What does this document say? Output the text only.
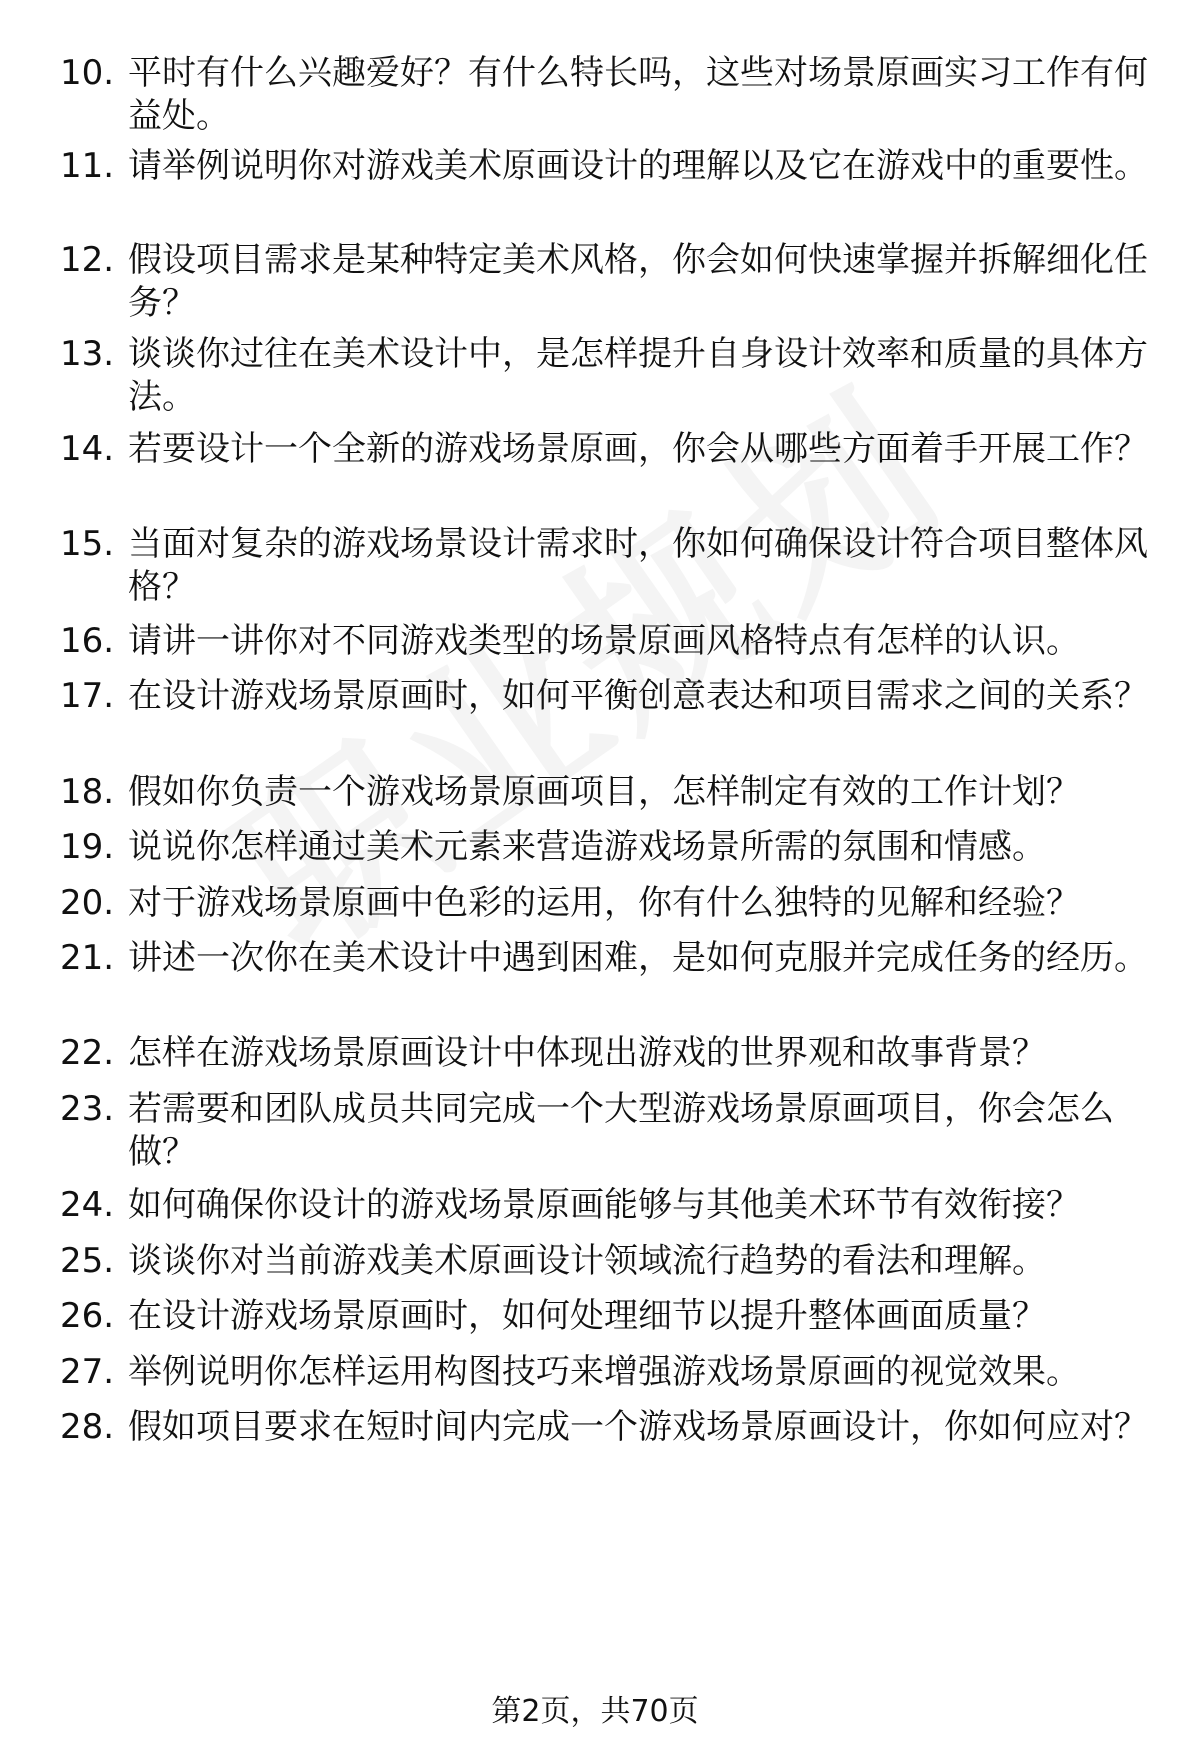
10. 平时有什么兴趣爱好？有什么特长吗，这些对场景原画实习工作有何益处。
11. 请举例说明你对游戏美术原画设计的理解以及它在游戏中的重要性。
12. 假设项目需求是某种特定美术风格，你会如何快速掌握并拆解细化任务？
13. 谈谈你过往在美术设计中，是怎样提升自身设计效率和质量的具体方法。
14. 若要设计一个全新的游戏场景原画，你会从哪些方面着手开展工作？
15. 当面对复杂的游戏场景设计需求时，你如何确保设计符合项目整体风格？
16. 请讲一讲你对不同游戏类型的场景原画风格特点有怎样的认识。
17. 在设计游戏场景原画时，如何平衡创意表达和项目需求之间的关系？
18. 假如你负责一个游戏场景原画项目，怎样制定有效的工作计划？
19. 说说你怎样通过美术元素来营造游戏场景所需的氛围和情感。
20. 对于游戏场景原画中色彩的运用，你有什么独特的见解和经验？
21. 讲述一次你在美术设计中遇到困难，是如何克服并完成任务的经历。
22. 怎样在游戏场景原画设计中体现出游戏的世界观和故事背景？
23. 若需要和团队成员共同完成一个大型游戏场景原画项目，你会怎么做？
24. 如何确保你设计的游戏场景原画能够与其他美术环节有效衔接？
25. 谈谈你对当前游戏美术原画设计领域流行趋势的看法和理解。
26. 在设计游戏场景原画时，如何处理细节以提升整体画面质量？
27. 举例说明你怎样运用构图技巧来增强游戏场景原画的视觉效果。
28. 假如项目要求在短时间内完成一个游戏场景原画设计，你如何应对？
第2页，共70页
